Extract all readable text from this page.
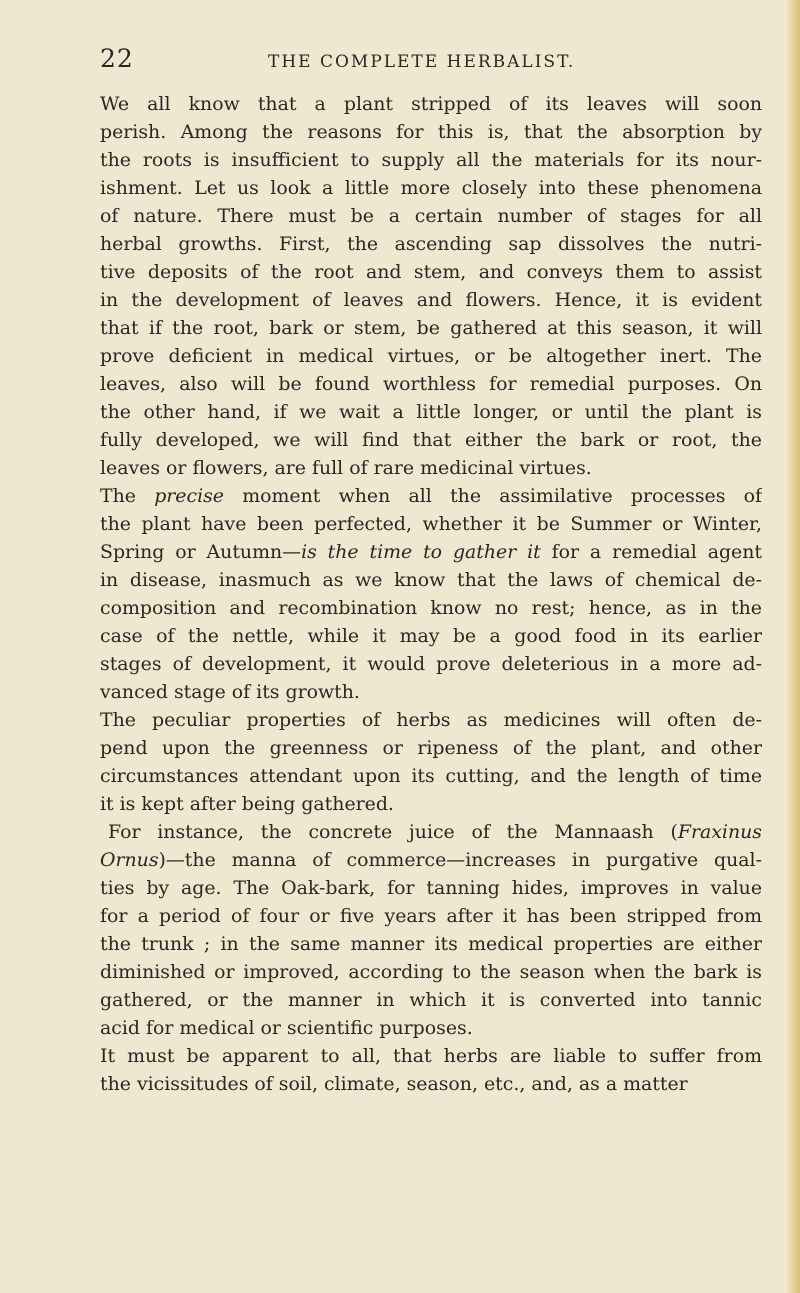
22	THE COMPLETE HERBALIST.
We all know that a plant stripped of its leaves will soon
perish. Among the reasons for this is, that the absorption by
the roots is insufficient to supply all the materials for its nour-
ishment. Let us look a little more closely into these phenomena
of nature. There must be a certain number of stages for all
herbal growths. First, the ascending sap dissolves the nutri-
tive deposits of the root and stem, and conveys them to assist
in the development of leaves and flowers. Hence, it is evident
that if the root, bark or stem, be gathered at this season, it will
prove deficient in medical virtues, or be altogether inert. The
leaves, also will be found worthless for remedial purposes. On
the other hand, if we wait a little longer, or until the plant is
fully developed, we will find that either the bark or root, the
leaves or flowers, are full of rare medicinal virtues.
The precise moment when all the assimilative processes of
the plant have been perfected, whether it be Summer or Winter,
Spring or Autumn—is the time to gather it for a remedial agent
in disease, inasmuch as we know that the laws of chemical de-
composition and recombination know no rest; hence, as in the
case of the nettle, while it may be a good food in its earlier
stages of development, it would prove deleterious in a more ad-
vanced stage of its growth.
The peculiar properties of herbs as medicines will often de-
pend upon the greenness or ripeness of the plant, and other
circumstances attendant upon its cutting, and the length of time
it is kept after being gathered.
For instance, the concrete juice of the Mannaash (Fraxinus
Ornus)—the manna of commerce—increases in purgative qual-
ties by age. The Oak-bark, for tanning hides, improves in value
for a period of four or five years after it has been stripped from
the trunk ; in the same manner its medical properties are either
diminished or improved, according to the season when the bark is
gathered, or the manner in which it is converted into tannic
acid for medical or scientific purposes.
It must be apparent to all, that herbs are liable to suffer from
the vicissitudes of soil, climate, season, etc., and, as a matter
